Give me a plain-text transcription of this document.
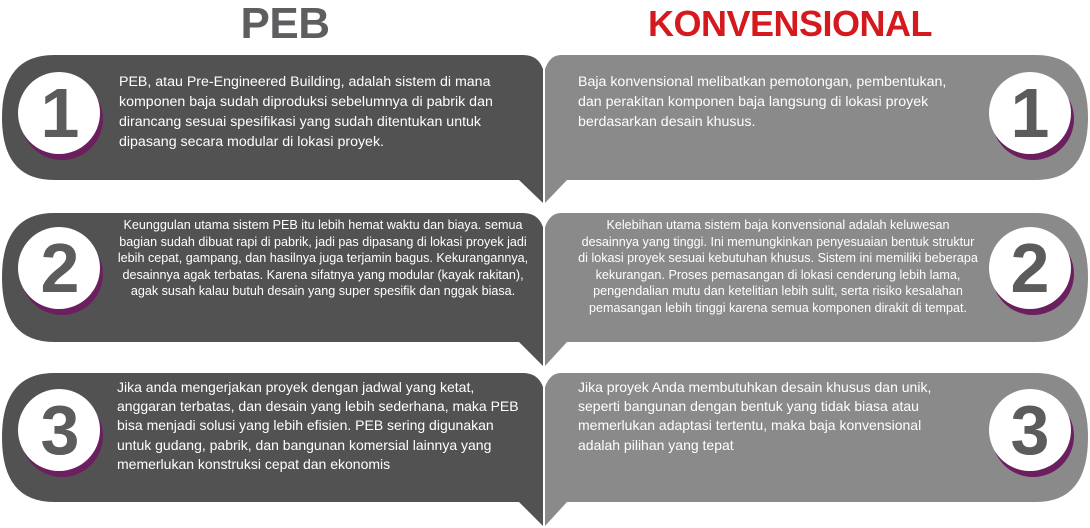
PEB	KONVENSIONAL
1
2
3
1
2
3

PEB, atau Pre-Engineered Building, adalah sistem di mana komponen baja sudah diproduksi sebelumnya di pabrik dan dirancang sesuai spesifikasi yang sudah ditentukan untuk dipasang secara modular di lokasi proyek.

Baja konvensional melibatkan pemotongan, pembentukan, dan perakitan komponen baja langsung di lokasi proyek berdasarkan desain khusus.

Keunggulan utama sistem PEB itu lebih hemat waktu dan biaya. semua bagian sudah dibuat rapi di pabrik, jadi pas dipasang di lokasi proyek jadi lebih cepat, gampang, dan hasilnya juga terjamin bagus. Kekurangannya, desainnya agak terbatas. Karena sifatnya yang modular (kayak rakitan), agak susah kalau butuh desain yang super spesifik dan nggak biasa.

Kelebihan utama sistem baja konvensional adalah keluwesan desainnya yang tinggi. Ini memungkinkan penyesuaian bentuk struktur di lokasi proyek sesuai kebutuhan khusus. Sistem ini memiliki beberapa kekurangan. Proses pemasangan di lokasi cenderung lebih lama, pengendalian mutu dan ketelitian lebih sulit, serta risiko kesalahan pemasangan lebih tinggi karena semua komponen dirakit di tempat.

Jika anda mengerjakan proyek dengan jadwal yang ketat, anggaran terbatas, dan desain yang lebih sederhana, maka PEB bisa menjadi solusi yang lebih efisien. PEB sering digunakan untuk gudang, pabrik, dan bangunan komersial lainnya yang memerlukan konstruksi cepat dan ekonomis

Jika proyek Anda membutuhkan desain khusus dan unik, seperti bangunan dengan bentuk yang tidak biasa atau memerlukan adaptasi tertentu, maka baja konvensional adalah pilihan yang tepat
